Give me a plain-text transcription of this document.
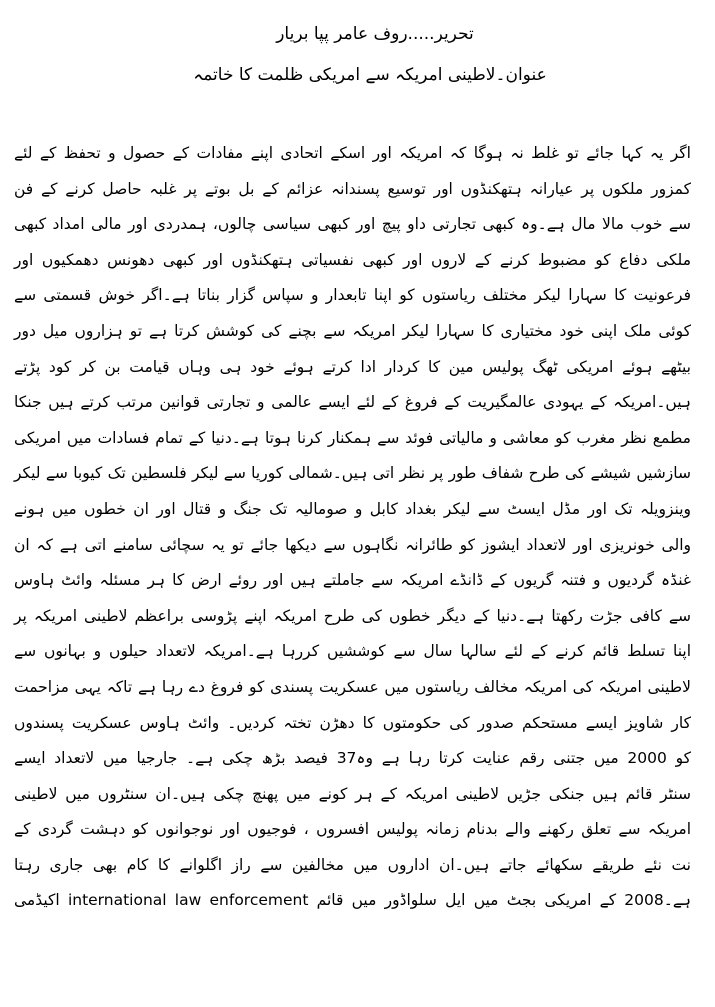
تحریر.....روف عامر پپا بریار
عنوان۔لاطینی امریکہ سے امریکی ظلمت کا خاتمہ
اگر یہ کہا جائے تو غلط نہ ہوگا کہ امریکہ اور اسکے اتحادی اپنے مفادات کے حصول و تحفظ کے لئے
کمزور ملکوں پر عیارانہ ہتھکنڈوں اور توسیع پسندانہ عزائم کے بل بوتے پر غلبہ حاصل کرنے کے فن
سے خوب مالا مال ہے۔وہ کبھی تجارتی داو پیچ اور کبھی سیاسی چالوں، ہمدردی اور مالی امداد کبھی
ملکی دفاع کو مضبوط کرنے کے لاروں اور کبھی نفسیاتی ہتھکنڈوں اور کبھی دھونس دھمکیوں اور
فرعونیت کا سہارا لیکر مختلف ریاستوں کو اپنا تابعدار و سپاس گزار بناتا ہے۔اگر خوش قسمتی سے
کوئی ملک اپنی خود مختیاری کا سہارا لیکر امریکہ سے بچنے کی کوشش کرتا ہے تو ہزاروں میل دور
بیٹھے ہوئے امریکی ٹھگ پولیس مین کا کردار ادا کرتے ہوئے خود ہی وہاں قیامت بن کر کود پڑتے
ہیں۔امریکہ کے یہودی عالمگیریت کے فروغ کے لئے ایسے عالمی و تجارتی قوانین مرتب کرتے ہیں جنکا
مطمع نظر مغرب کو معاشی و مالیاتی فوئد سے ہمکنار کرنا ہوتا ہے۔دنیا کے تمام فسادات میں امریکی
سازشیں شیشے کی طرح شفاف طور پر نظر اتی ہیں۔شمالی کوریا سے لیکر فلسطین تک کیوبا سے لیکر
وینزویلہ تک اور مڈل ایسٹ سے لیکر بغداد کابل و صومالیہ تک جنگ و قتال اور ان خطوں میں ہونے
والی خونریزی اور لاتعداد ایشوز کو طائرانہ نگاہوں سے دیکھا جائے تو یہ سچائی سامنے اتی ہے کہ ان
غنڈہ گردیوں و فتنہ گریوں کے ڈانڈے امریکہ سے جاملتے ہیں اور روئے ارض کا ہر مسئلہ وائٹ ہاوس
سے کافی جڑت رکھتا ہے۔دنیا کے دیگر خطوں کی طرح امریکہ اپنے پڑوسی براعظم لاطینی امریکہ پر
اپنا تسلط قائم کرنے کے لئے سالہا سال سے کوششیں کررہا ہے۔امریکہ لاتعداد حیلوں و بہانوں سے
لاطینی امریکہ کی امریکہ مخالف ریاستوں میں عسکریت پسندی کو فروغ دے رہا ہے تاکہ یہی مزاحمت
کار شاویز ایسے مستحکم صدور کی حکومتوں کا دھڑن تختہ کردیں۔ وائٹ ہاوس عسکریت پسندوں
کو 2000 میں جتنی رقم عنایت کرتا رہا ہے وہ37 فیصد بڑھ چکی ہے۔ جارجیا میں لاتعداد ایسے
سنٹر قائم ہیں جنکی جڑیں لاطینی امریکہ کے ہر کونے میں پھنچ چکی ہیں۔ان سنٹروں میں لاطینی
امریکہ سے تعلق رکھنے والے بدنام زمانہ پولیس افسروں ، فوجیوں اور نوجوانوں کو دہشت گردی کے
نت نئے طریقے سکھائے جاتے ہیں۔ان اداروں میں مخالفین سے راز اگلوانے کا کام بھی جاری رہتا
ہے۔2008 کے امریکی بجٹ میں ایل سلواڈور میں قائم international law enforcement اکیڈمی
